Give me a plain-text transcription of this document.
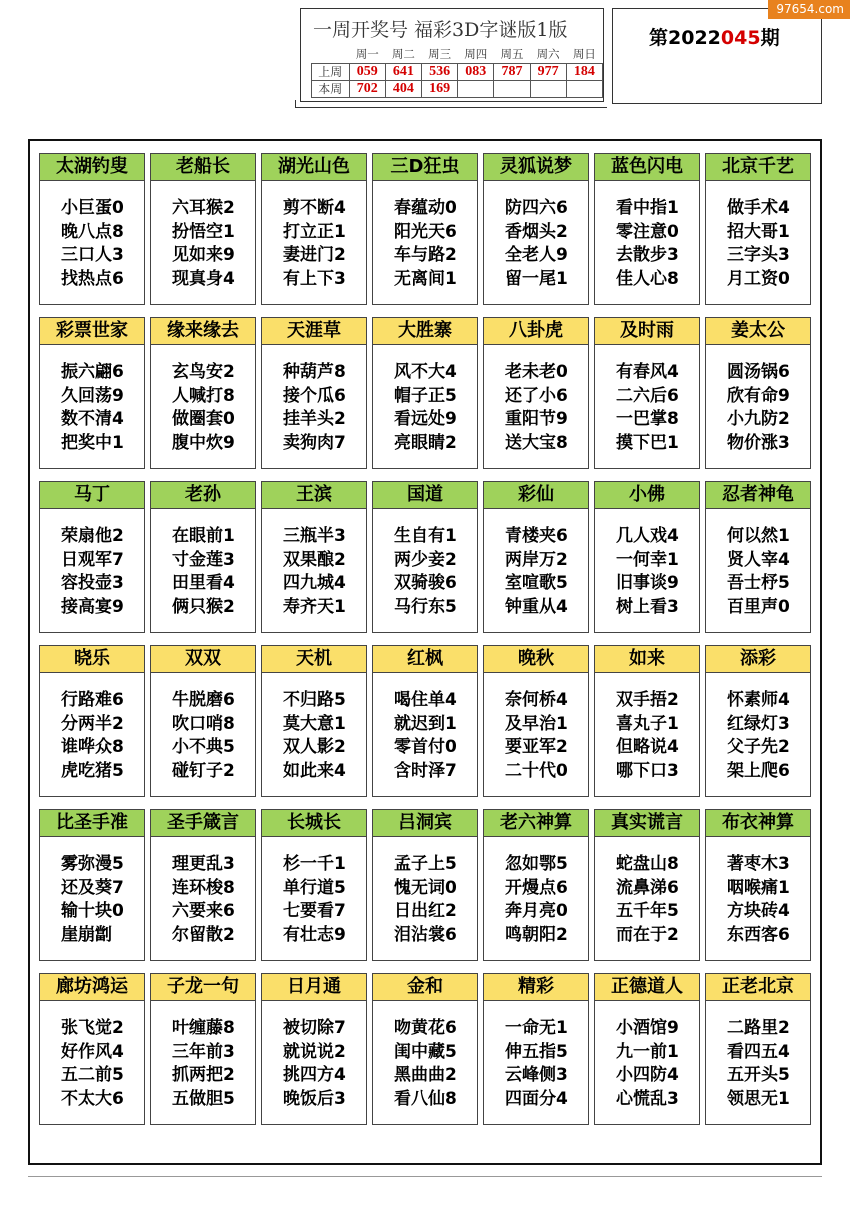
一周开奖号 福彩3D字谜版1版
	周一	周二	周三	周四	周五	周六	周日
上周	059	641	536	083	787	977	184
本周	702	404	169				
第2022045期
97654.com
太湖钓叟
小巨蛋0
晚八点8
三口人3
找热点6
老船长
六耳猴2
扮悟空1
见如来9
现真身4
湖光山色
剪不断4
打立正1
妻进门2
有上下3
三D狂虫
春蕴动0
阳光天6
车与路2
无离间1
灵狐说梦
防四六6
香烟头2
全老人9
留一尾1
蓝色闪电
看中指1
零注意0
去散步3
佳人心8
北京千艺
做手术4
招大哥1
三字头3
月工资0
彩票世家
振六翩6
久回荡9
数不清4
把奖中1
缘来缘去
玄鸟安2
人喊打8
做圈套0
腹中炊9
天涯草
种葫芦8
接个瓜6
挂羊头2
卖狗肉7
大胜寨
风不大4
帽子正5
看远处9
亮眼睛2
八卦虎
老未老0
还了小6
重阳节9
送大宝8
及时雨
有春风4
二六后6
一巴掌8
摸下巴1
姜太公
圆汤锅6
欣有命9
小九防2
物价涨3
马丁
荣扇他2
日观军7
容投壶3
接高宴9
老孙
在眼前1
寸金莲3
田里看4
俩只猴2
王滨
三瓶半3
双果酿2
四九城4
寿齐天1
国道
生自有1
两少妾2
双骑骏6
马行东5
彩仙
青楼夹6
两岸万2
室喧歌5
钟重从4
小佛
几人戏4
一何幸1
旧事谈9
树上看3
忍者神龟
何以然1
贤人宰4
吾士杼5
百里声0
晓乐
行路难6
分两半2
谁哗众8
虎吃猪5
双双
牛脱磨6
吹口哨8
小不典5
碰钉子2
天机
不归路5
莫大意1
双人影2
如此来4
红枫
喝住单4
就迟到1
零首付0
含时泽7
晚秋
奈何桥4
及早治1
要亚军2
二十代0
如来
双手捂2
喜丸子1
但略说4
哪下口3
添彩
怀素师4
红绿灯3
父子先2
架上爬6
比圣手准
雾弥漫5
还及葵7
输十块0
崖崩劏
圣手箴言
理更乱3
连环梭8
六要来6
尔留散2
长城长
杉一千1
单行道5
七要看7
有壮志9
吕洞宾
孟子上5
愧无词0
日出红2
泪沾裳6
老六神算
忽如鄂5
开熳点6
奔月亮0
鸣朝阳2
真实谎言
蛇盘山8
流鼻涕6
五千年5
而在于2
布衣神算
著枣木3
咽喉痛1
方块砖4
东西客6
廊坊鸿运
张飞觉2
好作风4
五二前5
不太大6
子龙一句
叶缠藤8
三年前3
抓两把2
五做胆5
日月通
被切除7
就说说2
挑四方4
晚饭后3
金和
吻黄花6
闺中藏5
黑曲曲2
看八仙8
精彩
一命无1
伸五指5
云峰侧3
四面分4
正德道人
小酒馆9
九一前1
小四防4
心慌乱3
正老北京
二路里2
看四五4
五开头5
领思无1
